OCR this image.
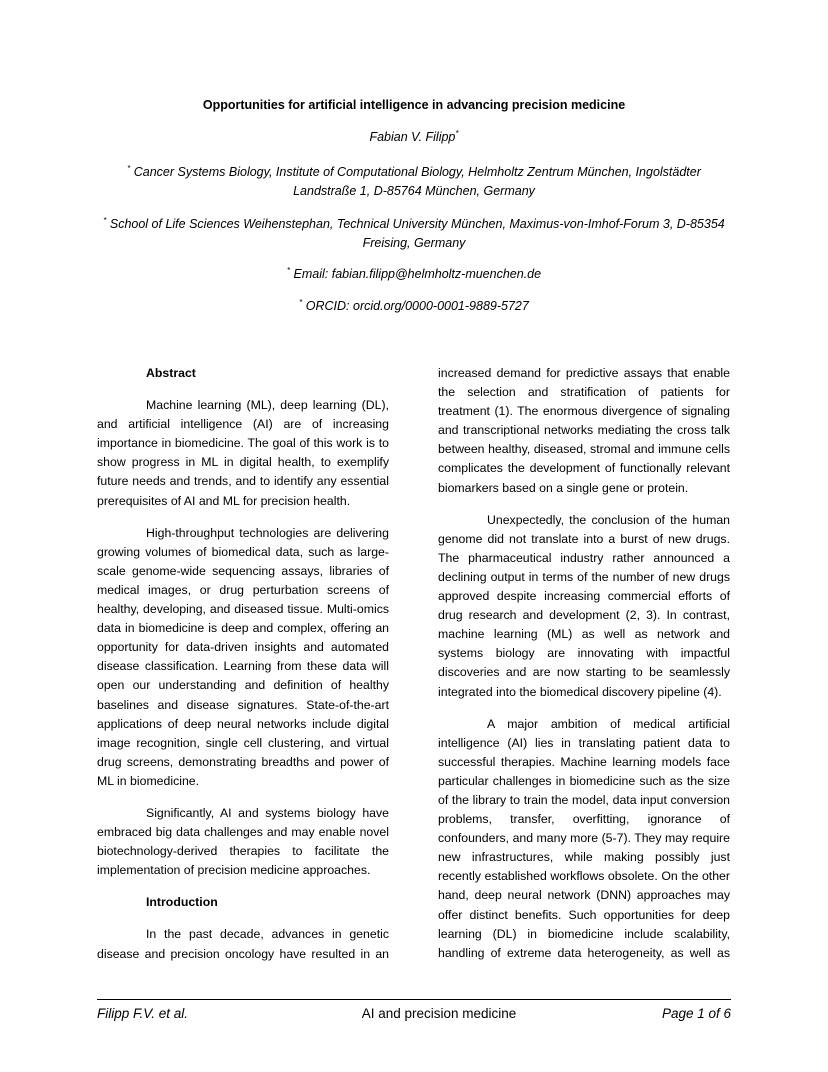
Opportunities for artificial intelligence in advancing precision medicine
Fabian V. Filipp*
* Cancer Systems Biology, Institute of Computational Biology, Helmholtz Zentrum München, Ingolstädter
Landstraße 1, D-85764 München, Germany
* School of Life Sciences Weihenstephan, Technical University München, Maximus-von-Imhof-Forum 3, D-85354
Freising, Germany
* Email: fabian.filipp@helmholtz-muenchen.de
* ORCID: orcid.org/0000-0001-9889-5727

Abstract

Machine learning (ML), deep learning (DL), and artificial intelligence (AI) are of increasing importance in biomedicine. The goal of this work is to show progress in ML in digital health, to exemplify future needs and trends, and to identify any essential prerequisites of AI and ML for precision health.

High-throughput technologies are delivering growing volumes of biomedical data, such as large-scale genome-wide sequencing assays, libraries of medical images, or drug perturbation screens of healthy, developing, and diseased tissue. Multi-omics data in biomedicine is deep and complex, offering an opportunity for data-driven insights and automated disease classification. Learning from these data will open our understanding and definition of healthy baselines and disease signatures. State-of-the-art applications of deep neural networks include digital image recognition, single cell clustering, and virtual drug screens, demonstrating breadths and power of ML in biomedicine.

Significantly, AI and systems biology have embraced big data challenges and may enable novel biotechnology-derived therapies to facilitate the implementation of precision medicine approaches.

Introduction

In the past decade, advances in genetic disease and precision oncology have resulted in an

increased demand for predictive assays that enable the selection and stratification of patients for treatment (1). The enormous divergence of signaling and transcriptional networks mediating the cross talk between healthy, diseased, stromal and immune cells complicates the development of functionally relevant biomarkers based on a single gene or protein.

Unexpectedly, the conclusion of the human genome did not translate into a burst of new drugs. The pharmaceutical industry rather announced a declining output in terms of the number of new drugs approved despite increasing commercial efforts of drug research and development (2, 3). In contrast, machine learning (ML) as well as network and systems biology are innovating with impactful discoveries and are now starting to be seamlessly integrated into the biomedical discovery pipeline (4).

A major ambition of medical artificial intelligence (AI) lies in translating patient data to successful therapies. Machine learning models face particular challenges in biomedicine such as the size of the library to train the model, data input conversion problems, transfer, overfitting, ignorance of confounders, and many more (5-7). They may require new infrastructures, while making possibly just recently established workflows obsolete. On the other hand, deep neural network (DNN) approaches may offer distinct benefits. Such opportunities for deep learning (DL) in biomedicine include scalability, handling of extreme data heterogeneity, as well as

Filipp F.V. et al.	AI and precision medicine	Page 1 of 6
